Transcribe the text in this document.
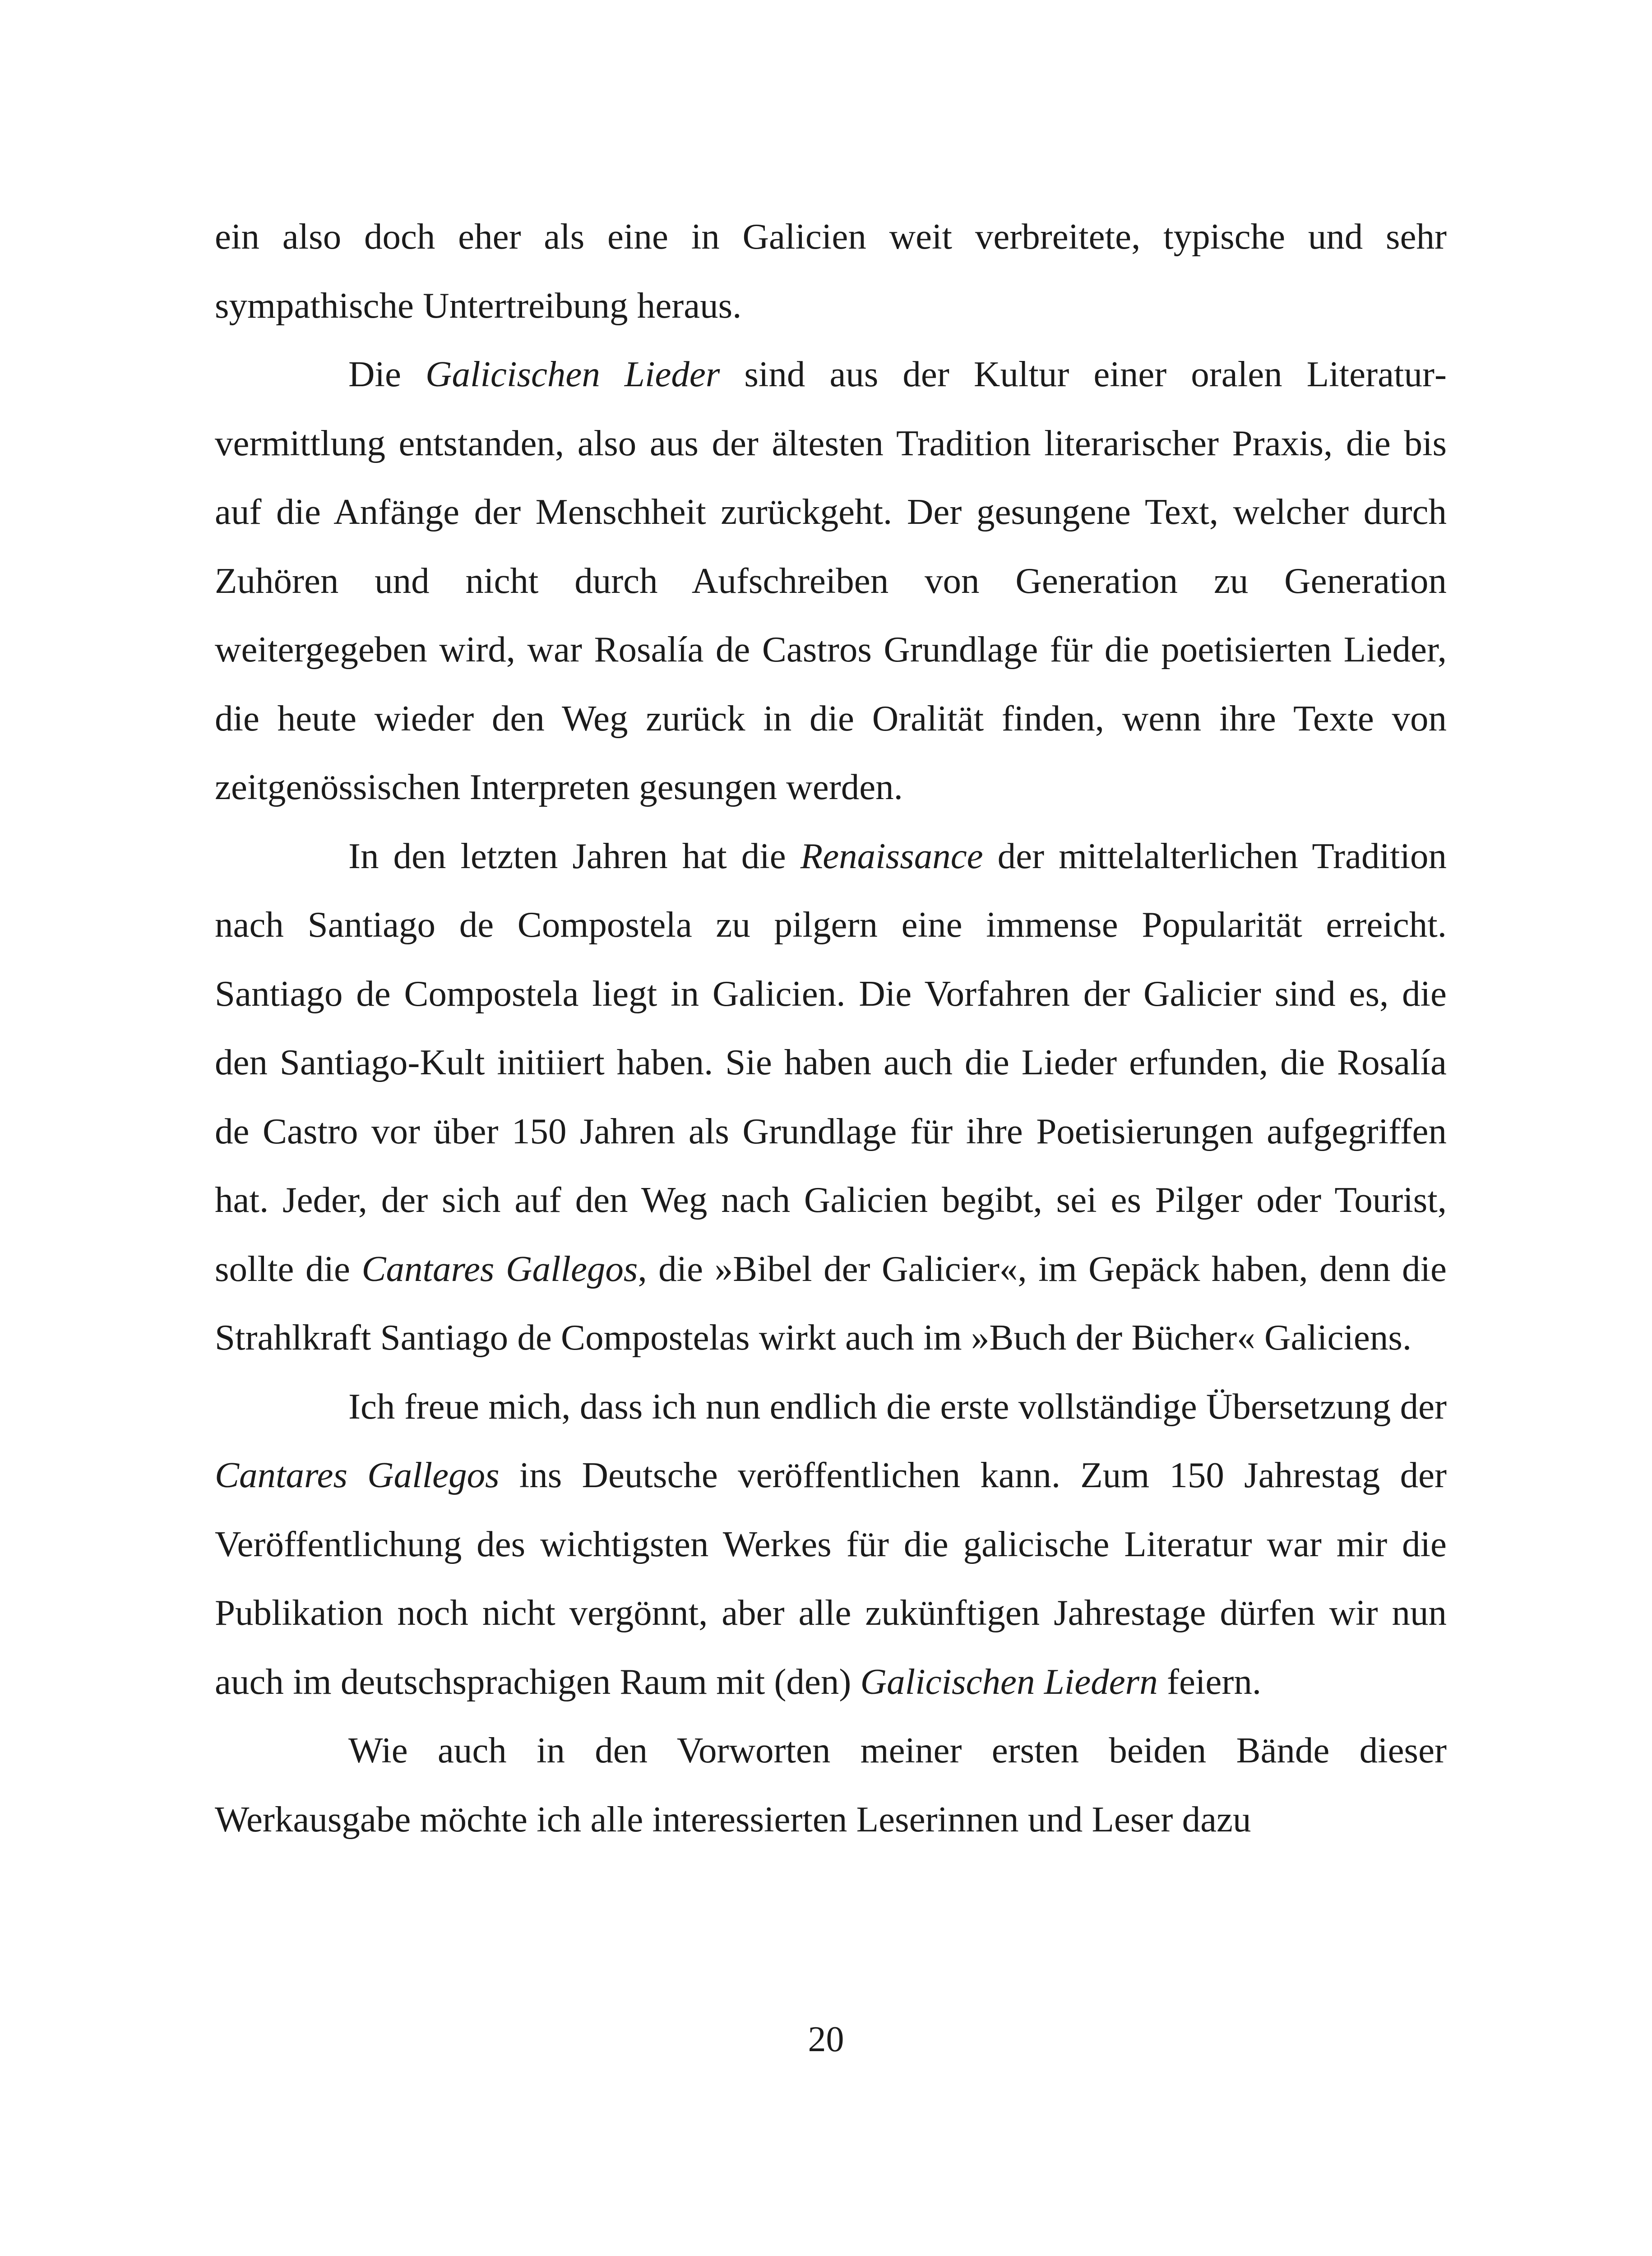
ein also doch eher als eine in Galicien weit verbreitete, typische und sehr sympathische Untertreibung heraus.

Die Galicischen Lieder sind aus der Kultur einer oralen Literaturvermittlung entstanden, also aus der ältesten Tradition literarischer Praxis, die bis auf die Anfänge der Menschheit zurückgeht. Der gesungene Text, welcher durch Zuhören und nicht durch Aufschreiben von Generation zu Generation weitergegeben wird, war Rosalía de Castros Grundlage für die poetisierten Lieder, die heute wieder den Weg zurück in die Oralität finden, wenn ihre Texte von zeitgenössischen Interpreten gesungen werden.

In den letzten Jahren hat die Renaissance der mittelalterlichen Tradition nach Santiago de Compostela zu pilgern eine immense Popularität erreicht. Santiago de Compostela liegt in Galicien. Die Vorfahren der Galicier sind es, die den Santiago-Kult initiiert haben. Sie haben auch die Lieder erfunden, die Rosalía de Castro vor über 150 Jahren als Grundlage für ihre Poetisierungen aufgegriffen hat. Jeder, der sich auf den Weg nach Galicien begibt, sei es Pilger oder Tourist, sollte die Cantares Gallegos, die »Bibel der Galicier«, im Gepäck haben, denn die Strahlkraft Santiago de Compostelas wirkt auch im »Buch der Bücher« Galiciens.

Ich freue mich, dass ich nun endlich die erste vollständige Übersetzung der Cantares Gallegos ins Deutsche veröffentlichen kann. Zum 150 Jahrestag der Veröffentlichung des wichtigsten Werkes für die galicische Literatur war mir die Publikation noch nicht vergönnt, aber alle zukünftigen Jahrestage dürfen wir nun auch im deutschsprachigen Raum mit (den) Galicischen Liedern feiern.

Wie auch in den Vorworten meiner ersten beiden Bände dieser Werkausgabe möchte ich alle interessierten Leserinnen und Leser dazu

20
